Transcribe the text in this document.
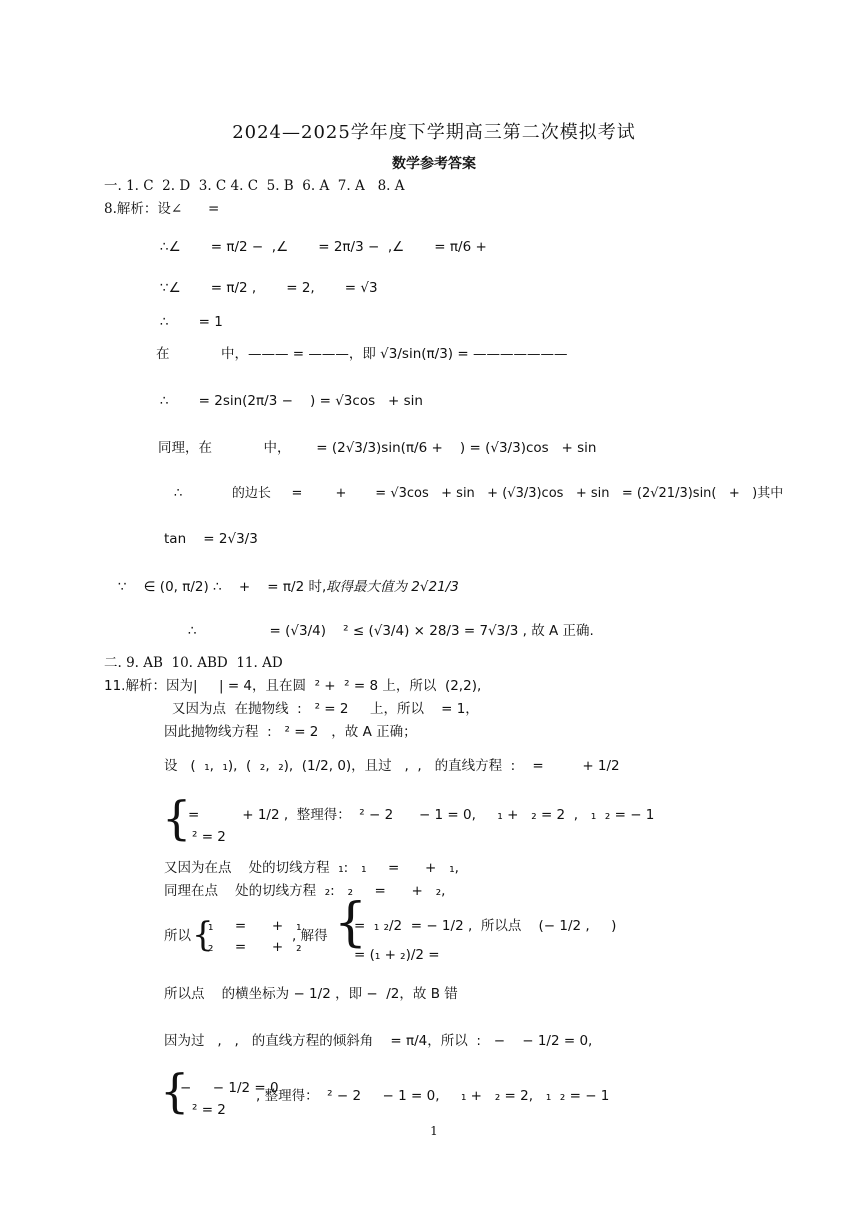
2024—2025学年度下学期高三第二次模拟考试
数学参考答案
一. 1. C  2. D  3. C 4. C  5. B  6. A  7. A   8. A
8.解析：设∠      =
∴∠       = π/2 −  ,∠       = 2π/3 −  ,∠       = π/6 +
∵∠       = π/2 ,       = 2,       = √3
∴       = 1
在            中，——— = ———，即 √3/sin(π/3) = ———————
∴       = 2sin(2π/3 −    ) = √3cos   + sin
同理，在            中，      = (2√3/3)sin(π/6 +    ) = (√3/3)cos   + sin
∴            的边长     =        +       = √3cos   + sin   + (√3/3)cos   + sin   = (2√21/3)sin(   +   )其中
tan    = 2√3/3
∵    ∈ (0, π/2) ∴    +    = π/2 时, 取得最大值为 2√21/3
∴                 = (√3/4)    ² ≤ (√3/4) × 28/3 = 7√3/3 , 故 A 正确.
二. 9. AB  10. ABD  11. AD
11.解析：因为|     | = 4，且在圆  ² +  ² = 8 上，所以  (2,2),
又因为点  在抛物线  :   ² = 2     上，所以    = 1，
因此抛物线方程  :   ² = 2   ，故 A 正确；
设   (  ₁,  ₁),  (  ₂,  ₂),  (1/2, 0)，且过   ,  ,   的直线方程  :    =         + 1/2
{
=          + 1/2 ,  整理得：  ² − 2      − 1 = 0,     ₁ +   ₂ = 2  ,   ₁  ₂ = − 1
² = 2
又因为在点    处的切线方程  ₁:   ₁     =      +   ₁,
同理在点    处的切线方程  ₂:   ₂     =      +   ₂,
所以 {
₁     =      +   ₁
₂     =      +   ₂
, 解得 {
=  ₁ ₂/2  = − 1/2 ,  所以点    (− 1/2 ,     )
= (₁ + ₂)/2 =
所以点    的横坐标为 − 1/2 ，即 −  /2，故 B 错
因为过   ,   ,   的直线方程的倾斜角    = π/4，所以  :   −    − 1/2 = 0,
{
−     − 1/2 = 0
² = 2
, 整理得：  ² − 2     − 1 = 0,     ₁ +   ₂ = 2,   ₁  ₂ = − 1
1
